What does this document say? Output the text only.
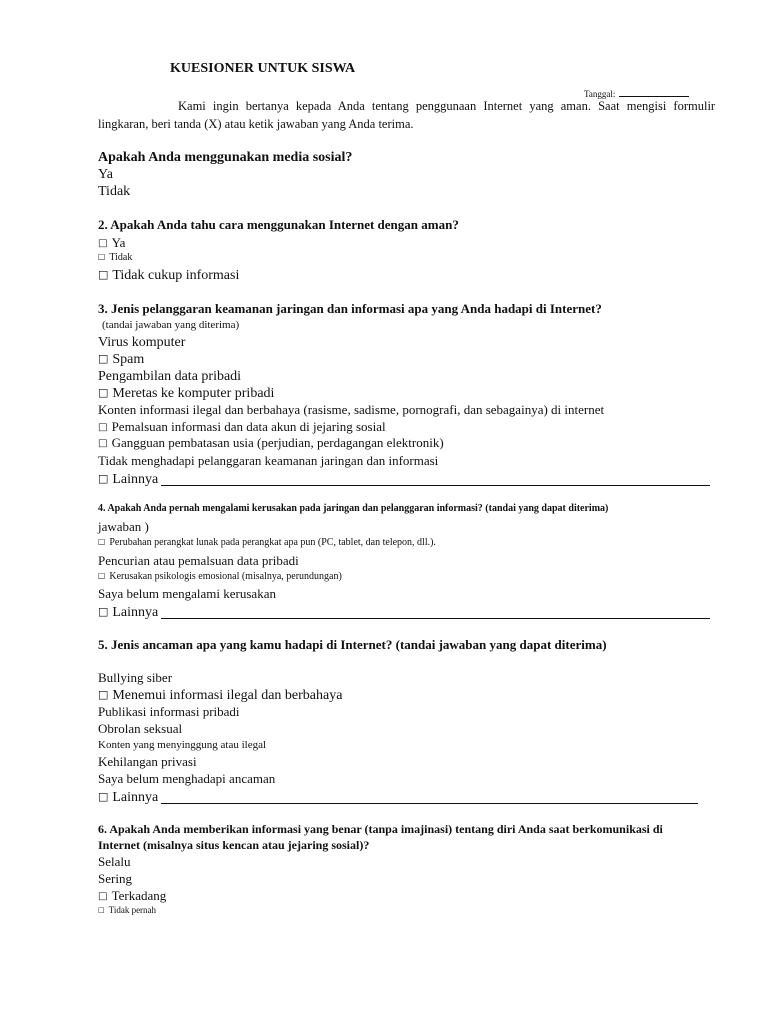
KUESIONER UNTUK SISWA
Tanggal:
Kami ingin bertanya kepada Anda tentang penggunaan Internet yang aman. Saat mengisi formulir
lingkaran, beri tanda (X) atau ketik jawaban yang Anda terima.
Apakah Anda menggunakan media sosial?
Ya
Tidak
2. Apakah Anda tahu cara menggunakan Internet dengan aman?
□ Ya
□ Tidak
□ Tidak cukup informasi
3. Jenis pelanggaran keamanan jaringan dan informasi apa yang Anda hadapi di Internet?
(tandai jawaban yang diterima)
Virus komputer
□ Spam
Pengambilan data pribadi
□ Meretas ke komputer pribadi
Konten informasi ilegal dan berbahaya (rasisme, sadisme, pornografi, dan sebagainya) di internet
□ Pemalsuan informasi dan data akun di jejaring sosial
□ Gangguan pembatasan usia (perjudian, perdagangan elektronik)
Tidak menghadapi pelanggaran keamanan jaringan dan informasi
□ Lainnya
4. Apakah Anda pernah mengalami kerusakan pada jaringan dan pelanggaran informasi? (tandai yang dapat diterima)
jawaban )
□ Perubahan perangkat lunak pada perangkat apa pun (PC, tablet, dan telepon, dll.).
Pencurian atau pemalsuan data pribadi
□ Kerusakan psikologis emosional (misalnya, perundungan)
Saya belum mengalami kerusakan
□ Lainnya
5. Jenis ancaman apa yang kamu hadapi di Internet? (tandai jawaban yang dapat diterima)
Bullying siber
□ Menemui informasi ilegal dan berbahaya
Publikasi informasi pribadi
Obrolan seksual
Konten yang menyinggung atau ilegal
Kehilangan privasi
Saya belum menghadapi ancaman
□ Lainnya
6. Apakah Anda memberikan informasi yang benar (tanpa imajinasi) tentang diri Anda saat berkomunikasi di
Internet (misalnya situs kencan atau jejaring sosial)?
Selalu
Sering
□ Terkadang
□ Tidak pernah
